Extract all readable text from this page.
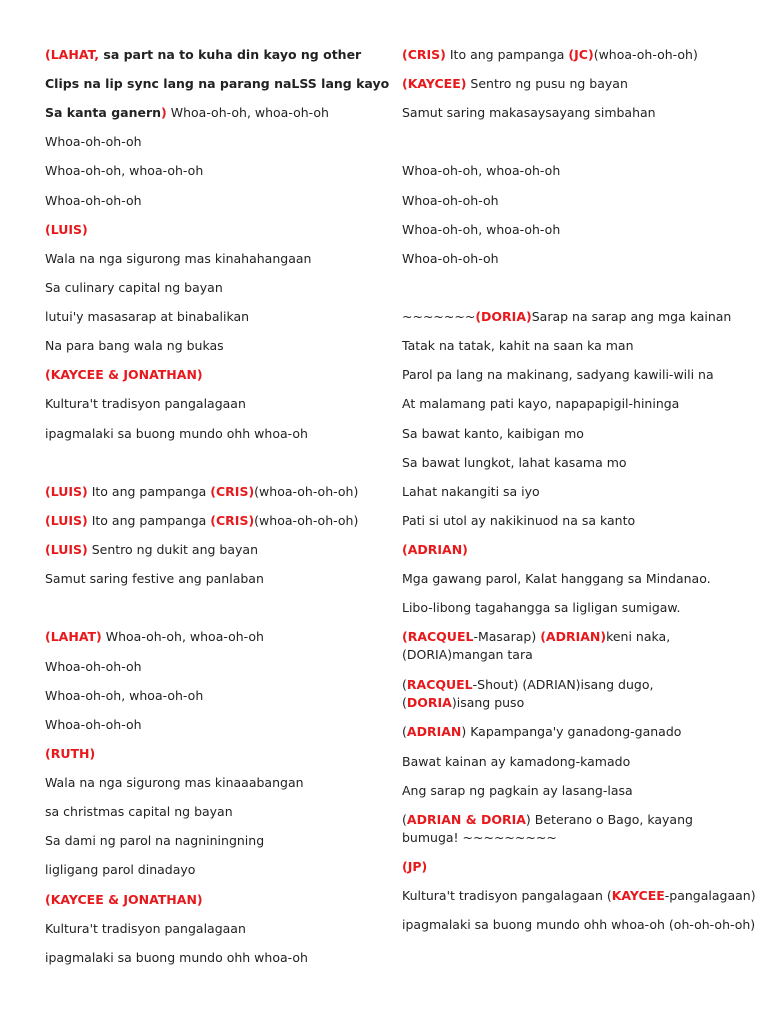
(LAHAT, sa part na to kuha din kayo ng other
Clips na lip sync lang na parang naLSS lang kayo
Sa kanta ganern) Whoa-oh-oh, whoa-oh-oh
Whoa-oh-oh-oh
Whoa-oh-oh, whoa-oh-oh
Whoa-oh-oh-oh
(LUIS)
Wala na nga sigurong mas kinahahangaan
Sa culinary capital ng bayan
lutui'y masasarap at binabalikan
Na para bang wala ng bukas
(KAYCEE & JONATHAN)
Kultura't tradisyon pangalagaan
ipagmalaki sa buong mundo ohh whoa-oh
(LUIS) Ito ang pampanga (CRIS)(whoa-oh-oh-oh)
(LUIS) Ito ang pampanga (CRIS)(whoa-oh-oh-oh)
(LUIS) Sentro ng dukit ang bayan
Samut saring festive ang panlaban
(LAHAT) Whoa-oh-oh, whoa-oh-oh
Whoa-oh-oh-oh
Whoa-oh-oh, whoa-oh-oh
Whoa-oh-oh-oh
(RUTH)
Wala na nga sigurong mas kinaaabangan
sa christmas capital ng bayan
Sa dami ng parol na nagniningning
ligligang parol dinadayo
(KAYCEE & JONATHAN)
Kultura't tradisyon pangalagaan
ipagmalaki sa buong mundo ohh whoa-oh
(CRIS) Ito ang pampanga (JC)(whoa-oh-oh-oh)
(KAYCEE) Sentro ng pusu ng bayan
Samut saring makasaysayang simbahan
Whoa-oh-oh, whoa-oh-oh
Whoa-oh-oh-oh
Whoa-oh-oh, whoa-oh-oh
Whoa-oh-oh-oh
~~~~~~~(DORIA)Sarap na sarap ang mga kainan
Tatak na tatak, kahit na saan ka man
Parol pa lang na makinang, sadyang kawili-wili na
At malamang pati kayo, napapapigil-hininga
Sa bawat kanto, kaibigan mo
Sa bawat lungkot, lahat kasama mo
Lahat nakangiti sa iyo
Pati si utol ay nakikinuod na sa kanto
(ADRIAN)
Mga gawang parol, Kalat hanggang sa Mindanao.
Libo-libong tagahangga sa ligligan sumigaw.
(RACQUEL-Masarap) (ADRIAN)keni naka, (DORIA)mangan tara
(RACQUEL-Shout) (ADRIAN)isang dugo, (DORIA)isang puso
(ADRIAN) Kapampanga'y ganadong-ganado
Bawat kainan ay kamadong-kamado
Ang sarap ng pagkain ay lasang-lasa
(ADRIAN & DORIA) Beterano o Bago, kayang bumuga! ~~~~~~~~~
(JP)
Kultura't tradisyon pangalagaan (KAYCEE-pangalagaan)
ipagmalaki sa buong mundo ohh whoa-oh (oh-oh-oh-oh)
